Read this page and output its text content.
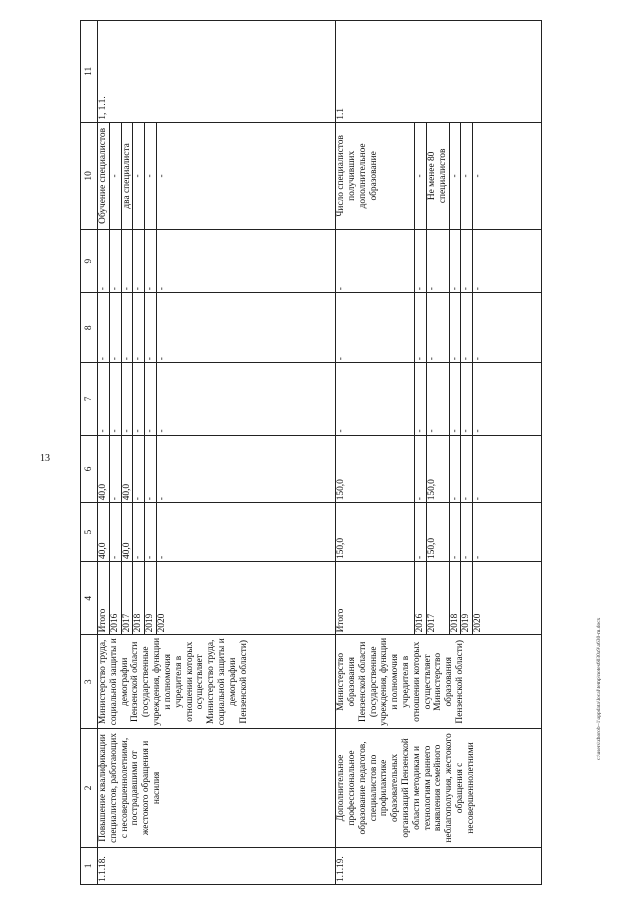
13
c:\users\zhorob~1\appdata\local\temp\notes6030a9\a630-m.docx
1	2	3	4	5	6	7	8	9	10	11
1.1.18.	Повышение квалификации специалистов, работающих с несовершеннолетними, пострадавшими от жестокого обращения и насилия	Министерство труда, социальной защиты и демографии Пензенской области (государственные учреждения, функции и полномочия учредителя в отношении которых осуществляет Министерство труда, социальной защиты и демографии Пензенской области)	Итого	40,0	40,0	-	-	-	Обучение специалистов	1, 1.1.
			2016	-	-	-	-	-	-	
			2017	40,0	40,0	-	-	-	два специалиста	
			2018	-	-	-	-	-	-	
			2019	-	-	-	-	-	-	
			2020	-	-	-	-	-	-	
1.1.19.	Дополнительное профессиональное образование педагогов, специалистов по профилактике образовательных организаций Пензенской области методикам и технологиям раннего выявления семейного неблагополучия, жестокого обращения с несовершеннолетними	Министерство образования Пензенской области (государственные учреждения, функции и полномочия учредителя в отношении которых осуществляет Министерство образования Пензенской области)	Итого	150,0	150,0	-	-	-	Число специалистов получивших дополнительное образование	1.1
			2016	-	-	-	-	-	-	
			2017	150,0	150,0	-	-	-	Не менее 80 специалистов	
			2018	-	-	-	-	-	-	
			2019	-	-	-	-	-	-	
			2020	-	-	-	-	-	-	
